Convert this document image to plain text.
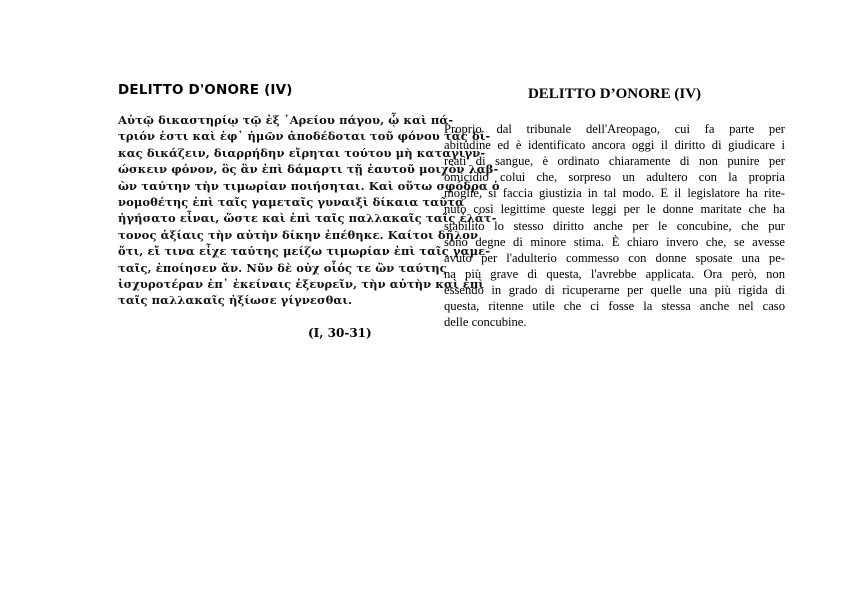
DELITTO D'ONORE (IV)
Αὐτῷ δικαστηρίῳ τῷ ἐξ ᾿Αρείου πάγου, ᾧ καὶ πά-
τριόν ἐστι καὶ ἐφ᾿ ἡμῶν ἀποδέδοται τοῦ φόνου τὰς δί-
κας δικάζειν, διαρρήδην εἴρηται τούτου μὴ καταγιγν-
ώσκειν φόνον, ὃς ἂν ἐπὶ δάμαρτι τῇ ἑαυτοῦ μοιχὸν λαβ-
ὼν ταύτην τὴν τιμωρίαν ποιήσηται. Καὶ οὕτω σφόδρα ὁ
νομοθέτης ἐπὶ ταῖς γαμεταῖς γυναιξὶ δίκαια ταῦτα
ἡγήσατο εἶναι, ὥστε καὶ ἐπὶ ταῖς παλλακαῖς ταῖς ἐλάτ-
τονος ἀξίαις τὴν αὐτὴν δίκην ἐπέθηκε. Καίτοι δῆλον
ὅτι, εἴ τινα εἶχε ταύτης μείζω τιμωρίαν ἐπὶ ταῖς γαμε-
ταῖς, ἐποίησεν ἄν. Νῦν δὲ οὐχ οἷός τε ὢν ταύτης
ἰσχυροτέραν ἐπ᾿ ἐκείναις ἐξευρεῖν, τὴν αὐτὴν καὶ ἐπὶ
ταῖς παλλακαῖς ἠξίωσε γίγνεσθαι.
(I, 30-31)
DELITTO D’ONORE (IV)
Proprio dal tribunale dell'Areopago, cui fa parte per
abitudine ed è identificato ancora oggi il diritto di giudicare i
reati di sangue, è ordinato chiaramente di non punire per
omicidio colui che, sorpreso un adultero con la propria
moglie, si faccia giustizia in tal modo. E il legislatore ha rite-
nuto così legittime queste leggi per le donne maritate che ha
stabilito lo stesso diritto anche per le concubine, che pur
sono degne di minore stima. È chiaro invero che, se avesse
avuto per l'adulterio commesso con donne sposate una pe-
na più grave di questa, l'avrebbe applicata. Ora però, non
essendo in grado di ricuperarne per quelle una più rigida di
questa, ritenne utile che ci fosse la stessa anche nel caso
delle concubine.
